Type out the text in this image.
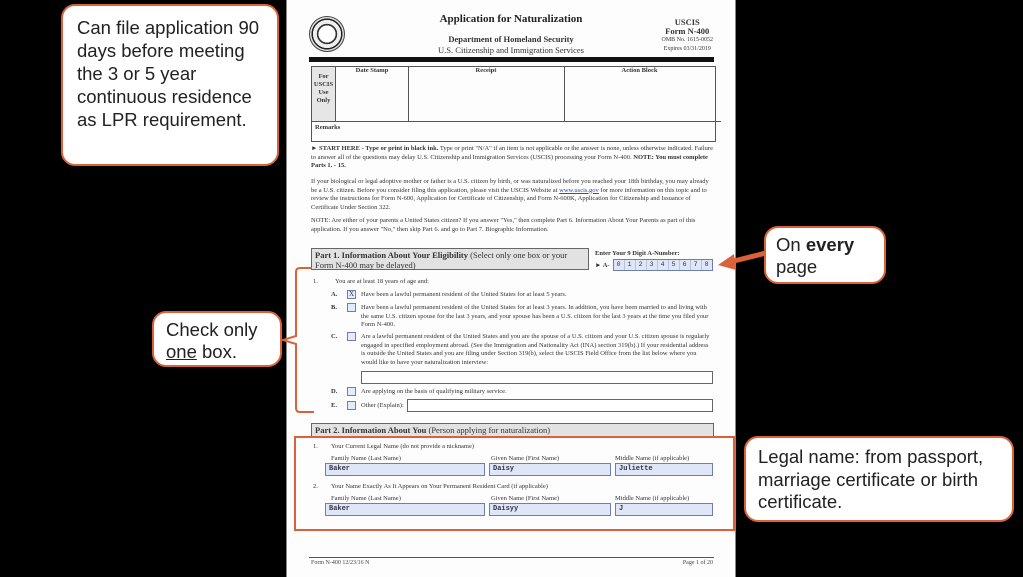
Application for Naturalization
Department of Homeland Security
U.S. Citizenship and Immigration Services
USCIS
Form N-400
OMB No. 1615-0052
Expires 03/31/2019
For USCIS Use Only
Date Stamp	Receipt	Action Block
Remarks
► START HERE - Type or print in black ink. Type or print "N/A" if an item is not applicable or the answer is none, unless otherwise indicated. Failure to answer all of the questions may delay U.S. Citizenship and Immigration Services (USCIS) processing your Form N-400. NOTE: You must complete Parts 1. - 15.
If your biological or legal adoptive mother or father is a U.S. citizen by birth, or was naturalized before you reached your 18th birthday, you may already be a U.S. citizen. Before you consider filing this application, please visit the USCIS Website at www.uscis.gov for more information on this topic and to review the instructions for Form N-600, Application for Certificate of Citizenship, and Form N-600K, Application for Citizenship and Issuance of Certificate Under Section 322.
NOTE: Are either of your parents a United States citizen? If you answer "Yes," then complete Part 6. Information About Your Parents as part of this application. If you answer "No," then skip Part 6. and go to Part 7. Biographic Information.
Part 1. Information About Your Eligibility (Select only one box or your Form N-400 may be delayed)
Enter Your 9 Digit A-Number:
► A-	0	1	2	3	4	5	6	7	8
1.	You are at least 18 years of age and:
A. X	Have been a lawful permanent resident of the United States for at least 5 years.
B.	Have been a lawful permanent resident of the United States for at least 3 years. In addition, you have been married to and living with the same U.S. citizen spouse for the last 3 years, and your spouse has been a U.S. citizen for the last 3 years at the time you filed your Form N-400.
C.	Are a lawful permanent resident of the United States and you are the spouse of a U.S. citizen and your U.S. citizen spouse is regularly engaged in specified employment abroad. (See the Immigration and Nationality Act (INA) section 319(b).) If your residential address is outside the United States and you are filing under Section 319(b), select the USCIS Field Office from the list below where you would like to have your naturalization interview:
D.	Are applying on the basis of qualifying military service.
E.	Other (Explain):
Part 2. Information About You (Person applying for naturalization)
1. Your Current Legal Name (do not provide a nickname)
Family Name (Last Name)	Given Name (First Name)	Middle Name (if applicable)
Baker	Daisy	Juliette
2. Your Name Exactly As It Appears on Your Permanent Resident Card (if applicable)
Family Name (Last Name)	Given Name (First Name)	Middle Name (if applicable)
Baker	Daisyy	J
Form N-400 12/23/16 N	Page 1 of 20
Can file application 90 days before meeting the 3 or 5 year continuous residence as LPR requirement.
Check only
one box.
On every
page
Legal name: from passport, marriage certificate or birth certificate.
